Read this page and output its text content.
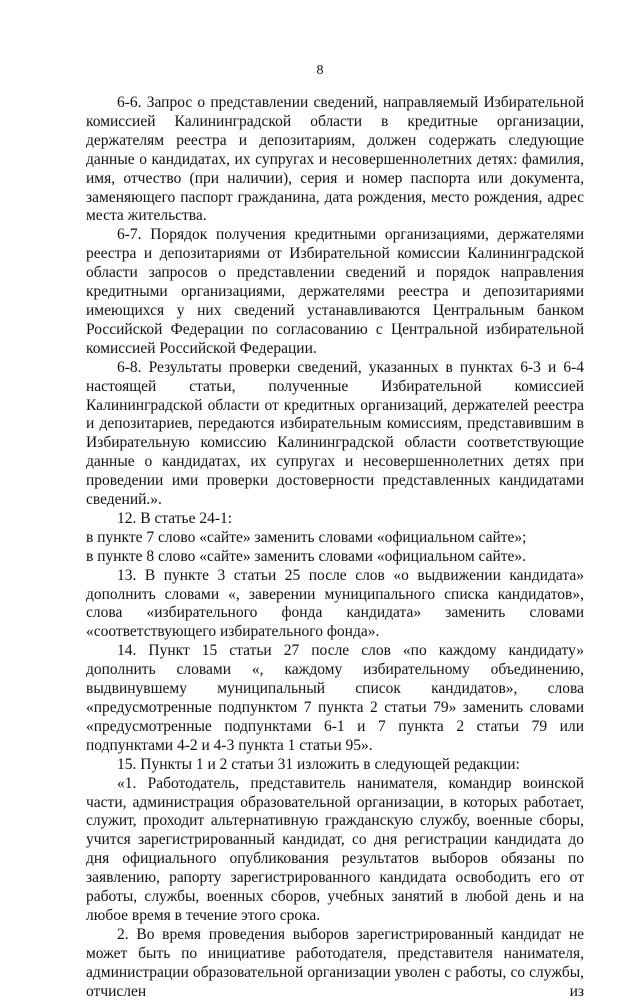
8

6-6. Запрос о представлении сведений, направляемый Избирательной комиссией Калининградской области в кредитные организации, держателям реестра и депозитариям, должен содержать следующие данные о кандидатах, их супругах и несовершеннолетних детях: фамилия, имя, отчество (при наличии), серия и номер паспорта или документа, заменяющего паспорт гражданина, дата рождения, место рождения, адрес места жительства.

6-7. Порядок получения кредитными организациями, держателями реестра и депозитариями от Избирательной комиссии Калининградской области запросов о представлении сведений и порядок направления кредитными организациями, держателями реестра и депозитариями имеющихся у них сведений устанавливаются Центральным банком Российской Федерации по согласованию с Центральной избирательной комиссией Российской Федерации.

6-8. Результаты проверки сведений, указанных в пунктах 6-3 и 6-4 настоящей статьи, полученные Избирательной комиссией Калининградской области от кредитных организаций, держателей реестра и депозитариев, передаются избирательным комиссиям, представившим в Избирательную комиссию Калининградской области соответствующие данные о кандидатах, их супругах и несовершеннолетних детях при проведении ими проверки достоверности представленных кандидатами сведений.».

12. В статье 24-1:

в пункте 7 слово «сайте» заменить словами «официальном сайте»;

в пункте 8 слово «сайте» заменить словами «официальном сайте».

13. В пункте 3 статьи 25 после слов «о выдвижении кандидата» дополнить словами «, заверении муниципального списка кандидатов», слова «избирательного фонда кандидата» заменить словами «соответствующего избирательного фонда».

14. Пункт 15 статьи 27 после слов «по каждому кандидату» дополнить словами «, каждому избирательному объединению, выдвинувшему муниципальный список кандидатов», слова «предусмотренные подпунктом 7 пункта 2 статьи 79» заменить словами «предусмотренные подпунктами 6-1 и 7 пункта 2 статьи 79 или подпунктами 4-2 и 4-3 пункта 1 статьи 95».

15. Пункты 1 и 2 статьи 31 изложить в следующей редакции:

«1. Работодатель, представитель нанимателя, командир воинской части, администрация образовательной организации, в которых работает, служит, проходит альтернативную гражданскую службу, военные сборы, учится зарегистрированный кандидат, со дня регистрации кандидата до дня официального опубликования результатов выборов обязаны по заявлению, рапорту зарегистрированного кандидата освободить его от работы, службы, военных сборов, учебных занятий в любой день и на любое время в течение этого срока.

2. Во время проведения выборов зарегистрированный кандидат не может быть по инициативе работодателя, представителя нанимателя, администрации образовательной организации уволен с работы, со службы, отчислен из
